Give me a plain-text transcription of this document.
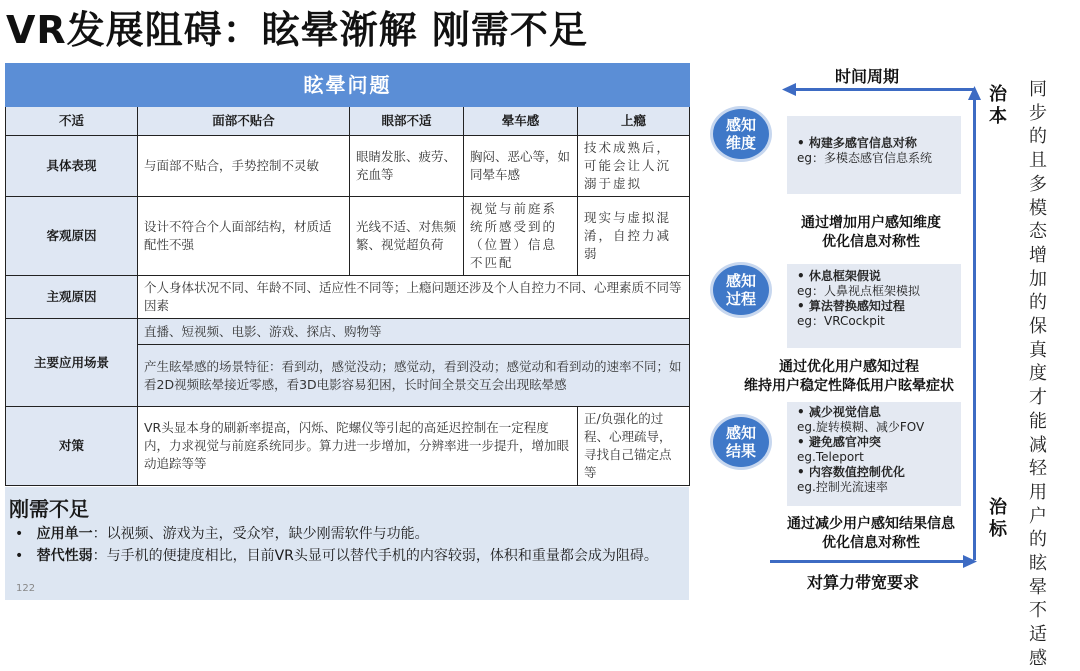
VR发展阻碍：眩晕渐解 刚需不足
眩晕问题				
不适	面部不贴合	眼部不适	晕车感	上瘾
具体表现	与面部不贴合，手势控制不灵敏	眼睛发胀、疲劳、充血等	胸闷、恶心等，如同晕车感	技术成熟后，可能会让人沉溺于虚拟
客观原因	设计不符合个人面部结构，材质适配性不强	光线不适、对焦频繁、视觉超负荷	视觉与前庭系统所感受到的（位置）信息不匹配	现实与虚拟混淆，自控力减弱
主观原因	个人身体状况不同、年龄不同、适应性不同等；上瘾问题还涉及个人自控力不同、心理素质不同等因素			
主要应用场景	直播、短视频、电影、游戏、探店、购物等			
	产生眩晕感的场景特征：看到动，感觉没动；感觉动，看到没动；感觉动和看到动的速率不同；如看2D视频眩晕接近零感，看3D电影容易犯困，长时间全景交互会出现眩晕感			
对策	VR头显本身的刷新率提高，闪烁、陀螺仪等引起的高延迟控制在一定程度内，力求视觉与前庭系统同步。算力进一步增加，分辨率进一步提升，增加眼动追踪等等			正/负强化的过程、心理疏导，寻找自己锚定点等
刚需不足
•   应用单一：以视频、游戏为主，受众窄，缺少刚需软件与功能。
•   替代性弱：与手机的便捷度相比，目前VR头显可以替代手机的内容较弱，体积和重量都会成为阻碍。
122
时间周期
对算力带宽要求
治本
治标
同步的且多模态增加的保真度才能减轻用户的眩晕不适感
感知维度	• 构建多感官信息对称
eg：多模态感官信息系统
通过增加用户感知维度
优化信息对称性
感知过程
• 休息框架假说
eg：人鼻视点框架模拟
• 算法替换感知过程
eg：VRCockpit
通过优化用户感知过程
维持用户稳定性降低用户眩晕症状
感知结果
• 减少视觉信息
eg.旋转模糊、减少FOV
• 避免感官冲突
eg.Teleport
• 内容数值控制优化
eg.控制光流速率
通过减少用户感知结果信息
优化信息对称性
